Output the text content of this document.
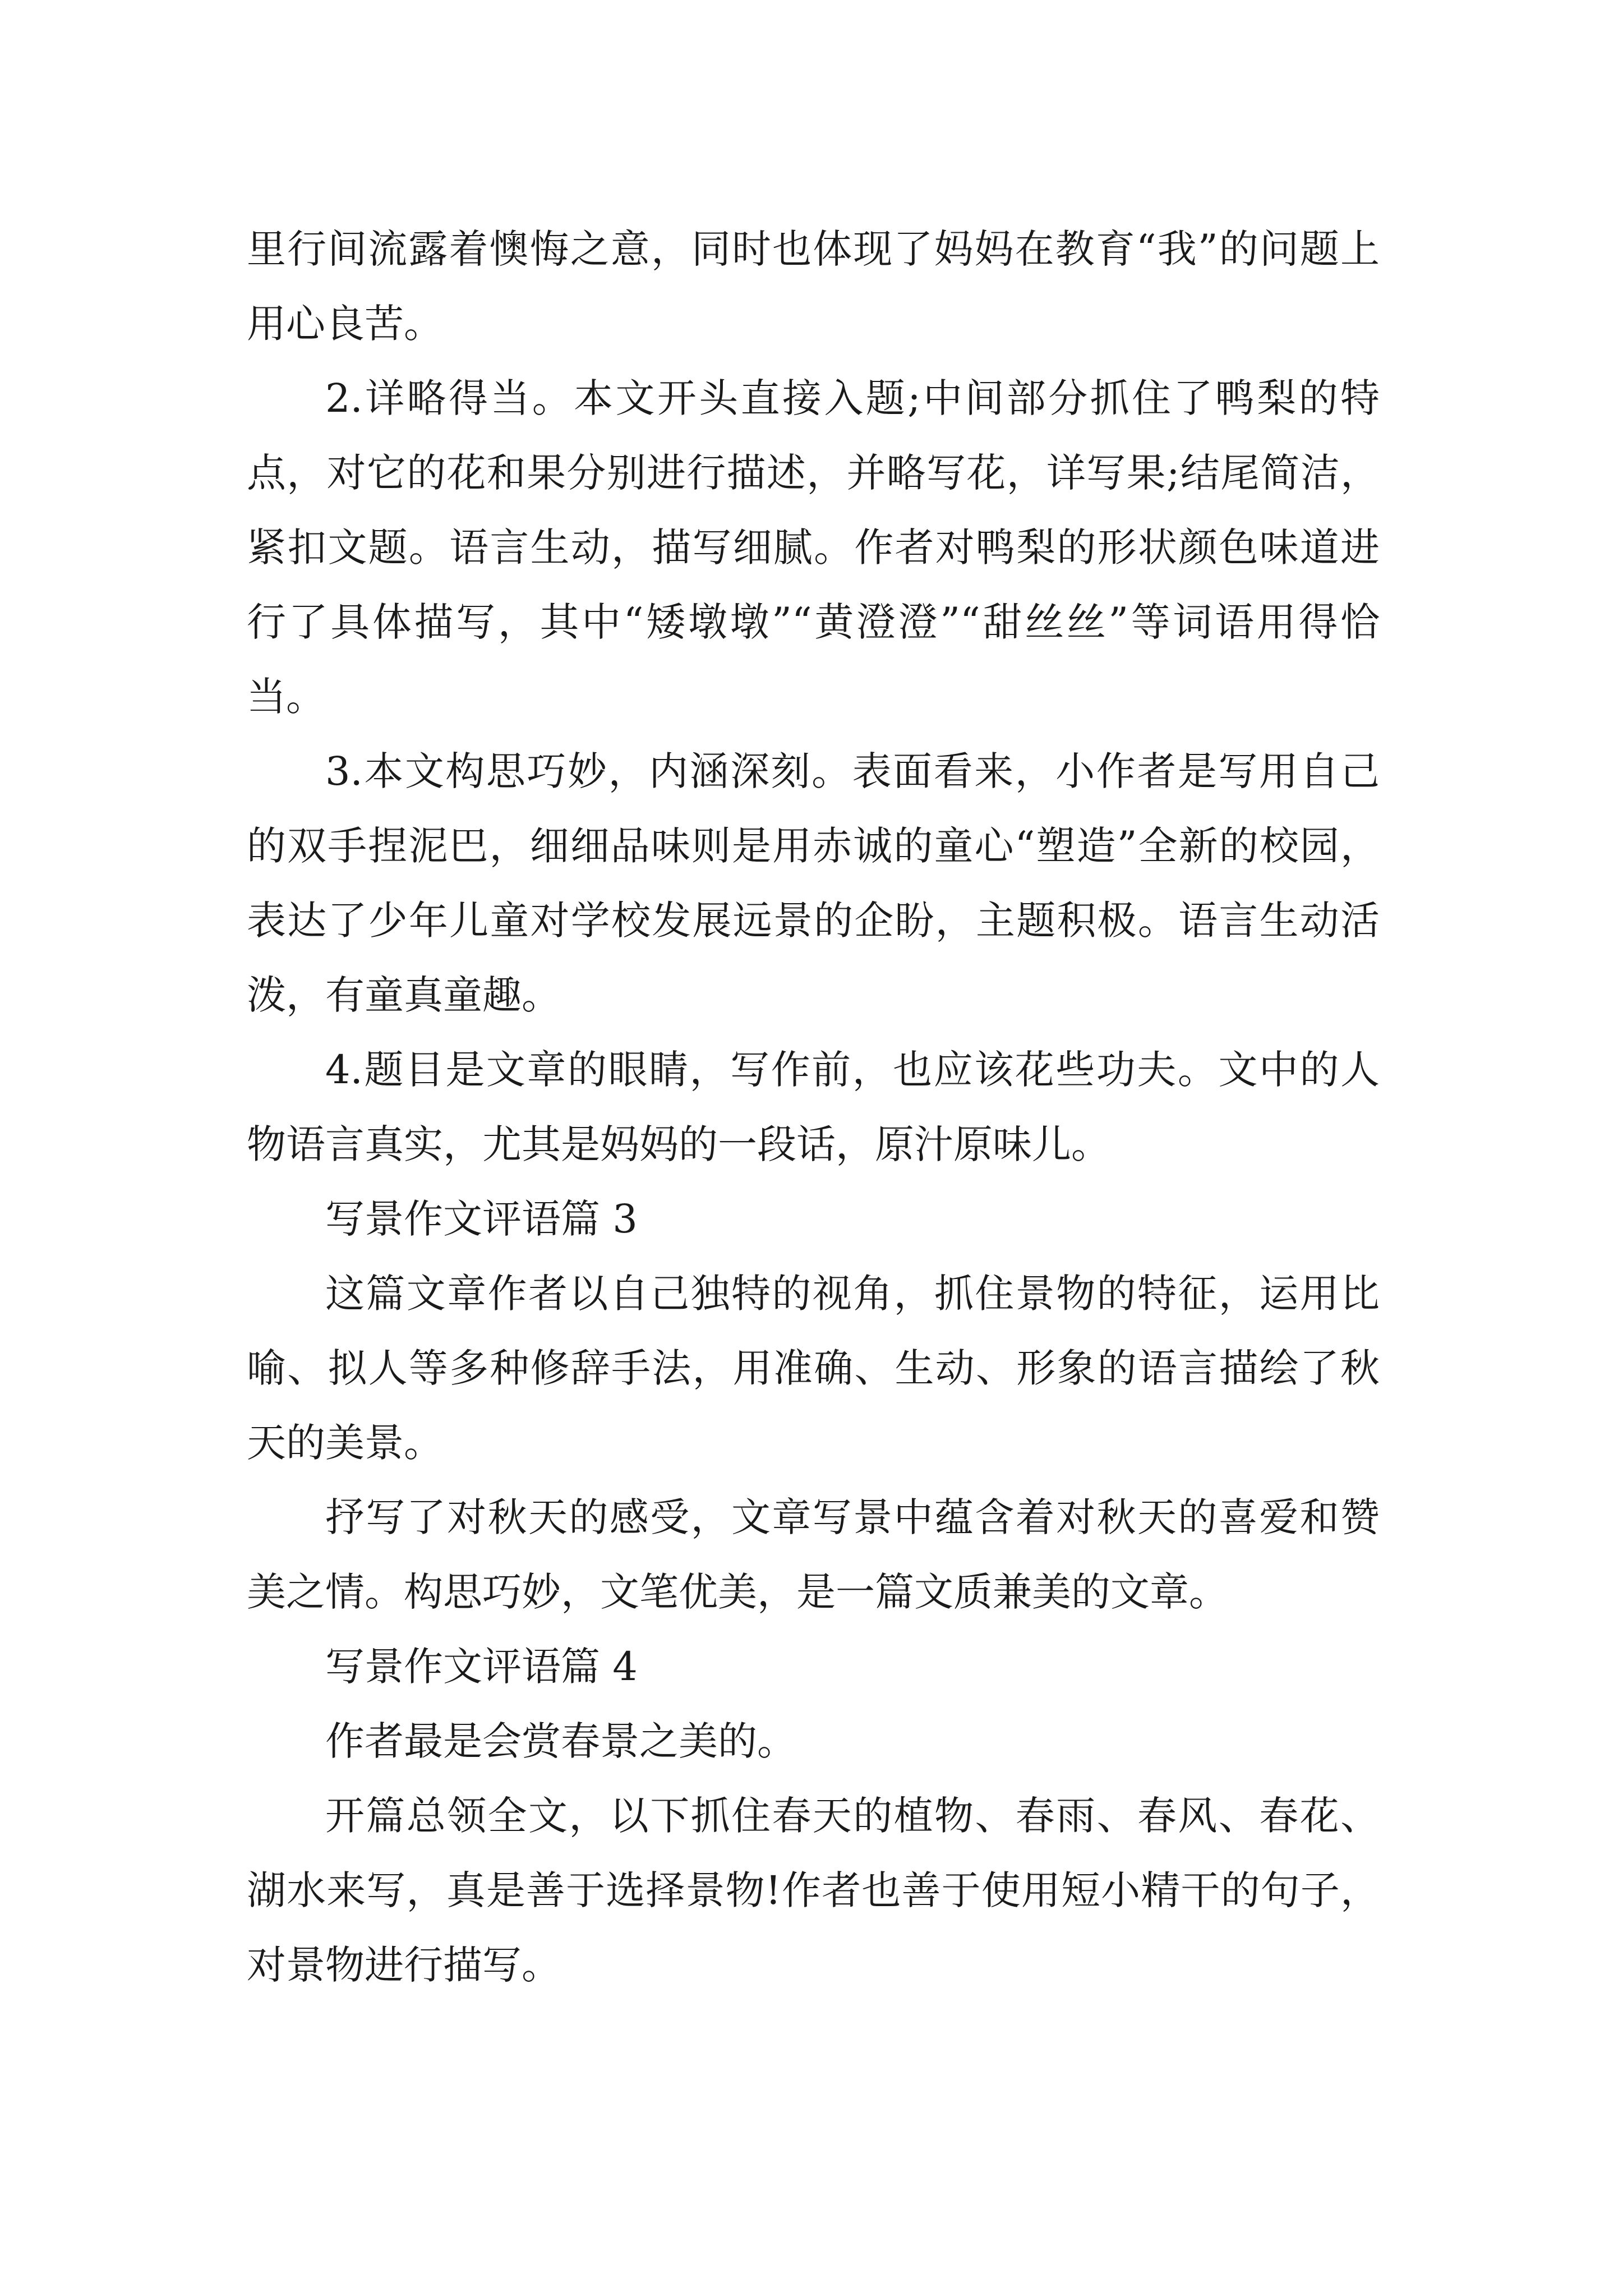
里行间流露着懊悔之意，同时也体现了妈妈在教育“我”的问题上用心良苦。

2.详略得当。本文开头直接入题;中间部分抓住了鸭梨的特点，对它的花和果分别进行描述，并略写花，详写果;结尾简洁，紧扣文题。语言生动，描写细腻。作者对鸭梨的形状颜色味道进行了具体描写，其中“矮墩墩”“黄澄澄”“甜丝丝”等词语用得恰当。

3.本文构思巧妙，内涵深刻。表面看来，小作者是写用自己的双手捏泥巴，细细品味则是用赤诚的童心“塑造”全新的校园，表达了少年儿童对学校发展远景的企盼，主题积极。语言生动活泼，有童真童趣。

4.题目是文章的眼睛，写作前，也应该花些功夫。文中的人物语言真实，尤其是妈妈的一段话，原汁原味儿。

写景作文评语篇 3

这篇文章作者以自己独特的视角，抓住景物的特征，运用比喻、拟人等多种修辞手法，用准确、生动、形象的语言描绘了秋天的美景。

抒写了对秋天的感受，文章写景中蕴含着对秋天的喜爱和赞美之情。构思巧妙，文笔优美，是一篇文质兼美的文章。

写景作文评语篇 4

作者最是会赏春景之美的。

开篇总领全文，以下抓住春天的植物、春雨、春风、春花、湖水来写，真是善于选择景物!作者也善于使用短小精干的句子，对景物进行描写。
